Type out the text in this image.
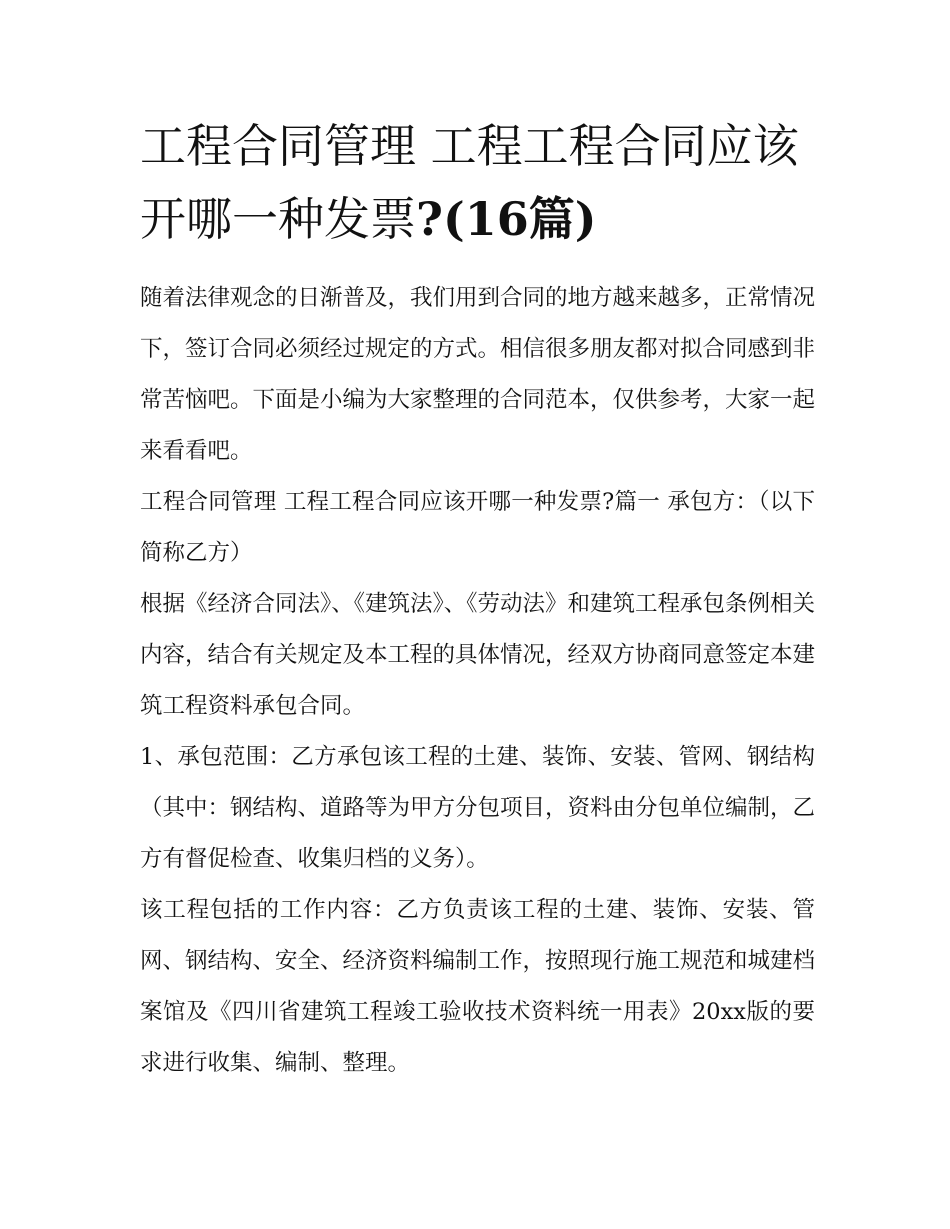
工程合同管理 工程工程合同应该开哪一种发票?(16篇)

随着法律观念的日渐普及，我们用到合同的地方越来越多，正常情况下，签订合同必须经过规定的方式。相信很多朋友都对拟合同感到非常苦恼吧。下面是小编为大家整理的合同范本，仅供参考，大家一起来看看吧。

工程合同管理 工程工程合同应该开哪一种发票?篇一 承包方：（以下简称乙方）

根据《经济合同法》、《建筑法》、《劳动法》和建筑工程承包条例相关内容，结合有关规定及本工程的具体情况，经双方协商同意签定本建筑工程资料承包合同。

1、承包范围：乙方承包该工程的土建、装饰、安装、管网、钢结构（其中：钢结构、道路等为甲方分包项目，资料由分包单位编制，乙方有督促检查、收集归档的义务）。

该工程包括的工作内容：乙方负责该工程的土建、装饰、安装、管网、钢结构、安全、经济资料编制工作，按照现行施工规范和城建档案馆及《四川省建筑工程竣工验收技术资料统一用表》20xx版的要求进行收集、编制、整理。
